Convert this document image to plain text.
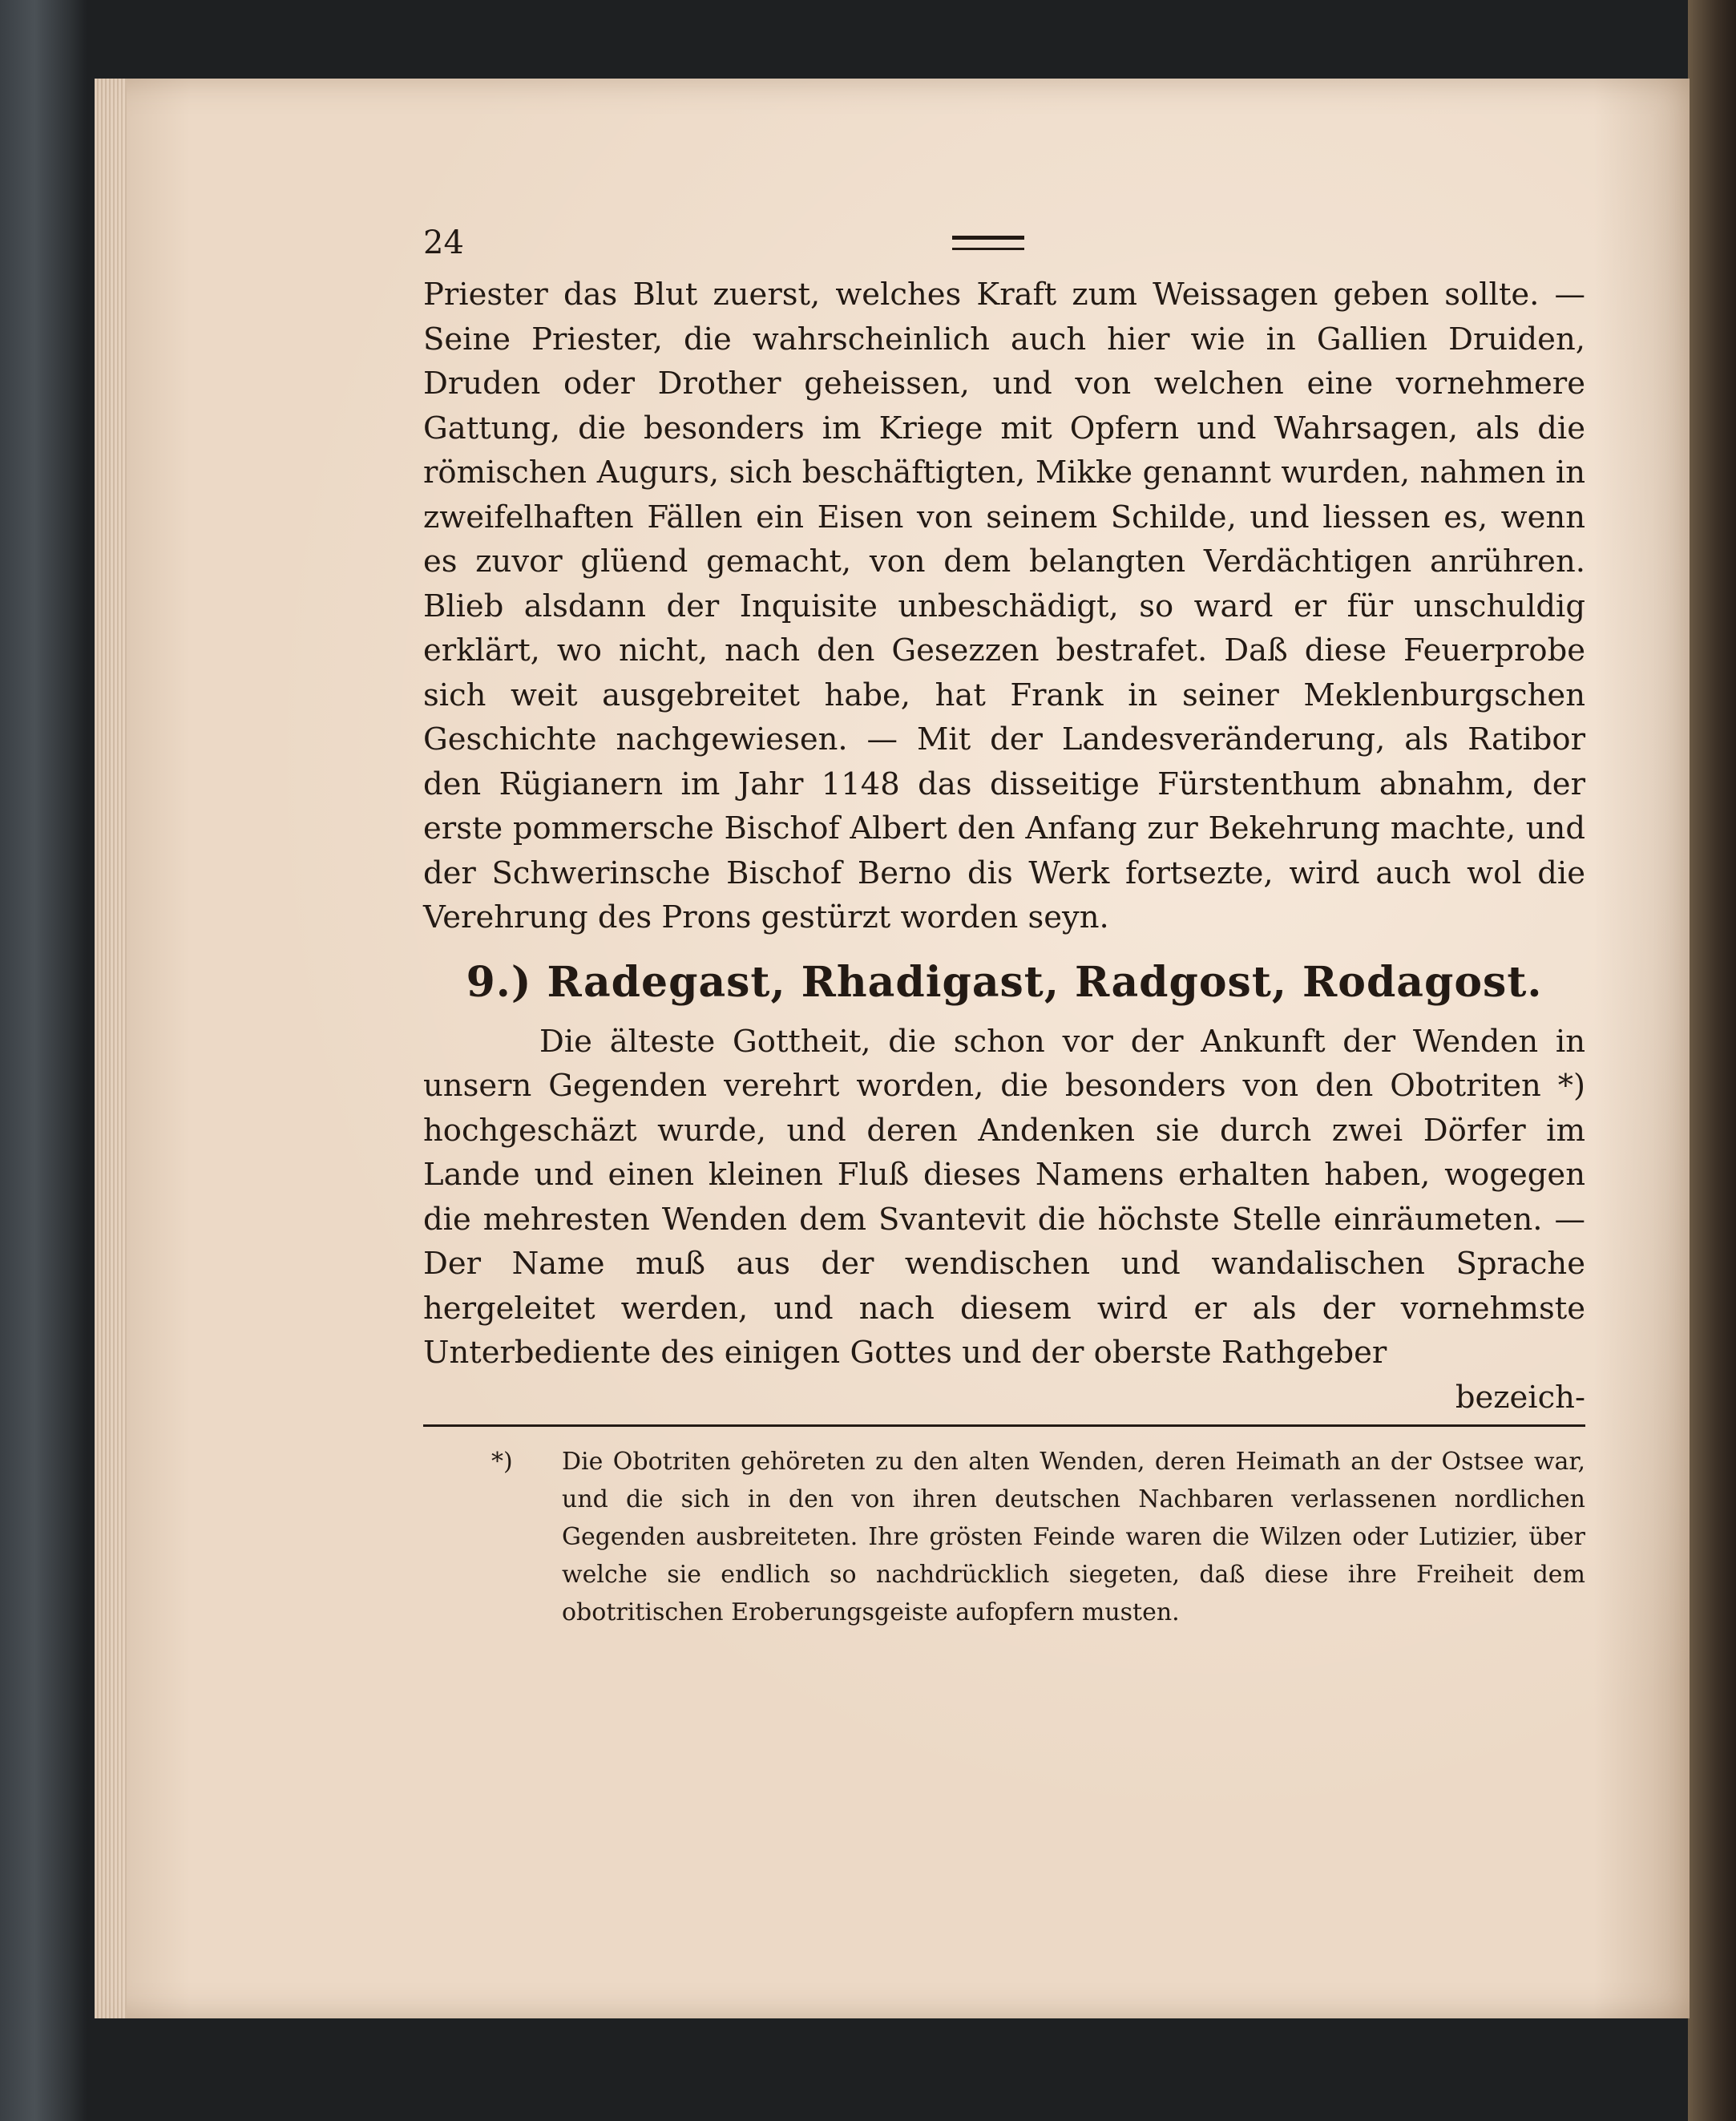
24

Priester das Blut zuerst, welches Kraft zum Weissagen geben sollte. — Seine Priester, die wahrscheinlich auch hier wie in Gallien Druiden, Druden oder Drother geheissen, und von welchen eine vornehmere Gattung, die besonders im Kriege mit Opfern und Wahrsagen, als die römischen Augurs, sich beschäftigten, Mikke genannt wurden, nahmen in zweifelhaften Fällen ein Eisen von seinem Schilde, und liessen es, wenn es zuvor glüend gemacht, von dem belangten Verdächtigen anrühren. Blieb alsdann der Inquisite unbeschädigt, so ward er für unschuldig erklärt, wo nicht, nach den Gesezzen bestrafet. Daß diese Feuerprobe sich weit ausgebreitet habe, hat Frank in seiner Meklenburgschen Geschichte nachgewiesen. — Mit der Landesveränderung, als Ratibor den Rügianern im Jahr 1148 das disseitige Fürstenthum abnahm, der erste pommersche Bischof Albert den Anfang zur Bekehrung machte, und der Schwerinsche Bischof Berno dis Werk fortsezte, wird auch wol die Verehrung des Prons gestürzt worden seyn.

9.) Radegast, Rhadigast, Radgost, Rodagost.

Die älteste Gottheit, die schon vor der Ankunft der Wenden in unsern Gegenden verehrt worden, die besonders von den Obotriten *) hochgeschäzt wurde, und deren Andenken sie durch zwei Dörfer im Lande und einen kleinen Fluß dieses Namens erhalten haben, wogegen die mehresten Wenden dem Svantevit die höchste Stelle einräumeten. — Der Name muß aus der wendischen und wandalischen Sprache hergeleitet werden, und nach diesem wird er als der vornehmste Unterbediente des einigen Gottes und der oberste Rathgeber

bezeich-

*) Die Obotriten gehöreten zu den alten Wenden, deren Heimath an der Ostsee war, und die sich in den von ihren deutschen Nachbaren verlassenen nordlichen Gegenden ausbreiteten. Ihre grösten Feinde waren die Wilzen oder Lutizier, über welche sie endlich so nachdrücklich siegeten, daß diese ihre Freiheit dem obotritischen Eroberungsgeiste aufopfern musten.
